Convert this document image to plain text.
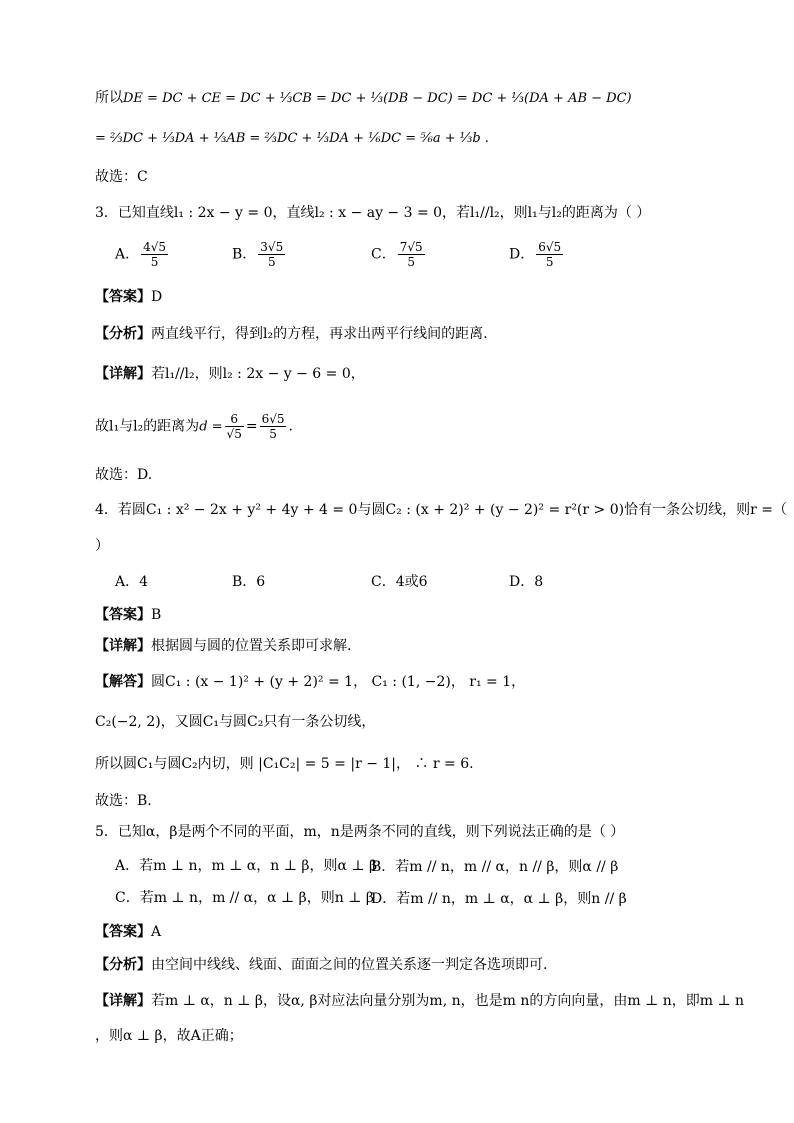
所以DE = DC + CE = DC + ⅓CB = DC + ⅓(DB − DC) = DC + ⅓(DA + AB − DC)
= ⅔DC + ⅓DA + ⅓AB = ⅔DC + ⅓DA + ⅙DC = ⅚a + ⅓b .
故选：C
3．已知直线l₁ : 2x − y = 0，直线l₂ : x − ay − 3 = 0，若l₁//l₂，则l₁与l₂的距离为（ ）
A． $\frac{4√5}{5}$	B． $\frac{3√5}{5}$	C． $\frac{7√5}{5}$	D． $\frac{6√5}{5}$
【答案】D
【分析】两直线平行，得到l₂的方程，再求出两平行线间的距离.
【详解】若l₁//l₂，则l₂ : 2x − y − 6 = 0，
故l₁与l₂的距离为$d = \frac{6}{√5} = \frac{6√5}{5}$ .
故选：D.
4．若圆C₁ : x² − 2x + y² + 4y + 4 = 0与圆C₂ : (x + 2)² + (y − 2)² = r²(r > 0)恰有一条公切线，则r =（
）
A．4	B．6	C．4或6	D．8
【答案】B
【详解】根据圆与圆的位置关系即可求解.
【解答】圆C₁ : (x − 1)² + (y + 2)² = 1， C₁ : (1, −2)， r₁ = 1，
C₂(−2, 2)，又圆C₁与圆C₂只有一条公切线，
所以圆C₁与圆C₂内切，则 |C₁C₂| = 5 = |r − 1|， ∴ r = 6.
故选：B.
5．已知α，β是两个不同的平面，m，n是两条不同的直线，则下列说法正确的是（ ）
A．若m ⊥ n，m ⊥ α，n ⊥ β，则α ⊥ β
B．若m // n，m // α，n // β，则α // β
C．若m ⊥ n，m // α，α ⊥ β，则n ⊥ β
D．若m // n，m ⊥ α，α ⊥ β，则n // β
【答案】A
【分析】由空间中线线、线面、面面之间的位置关系逐一判定各选项即可.
【详解】若m ⊥ α，n ⊥ β，设α, β对应法向量分别为m, n，也是m n的方向向量，由m ⊥ n，即m ⊥ n
，则α ⊥ β，故A正确；
